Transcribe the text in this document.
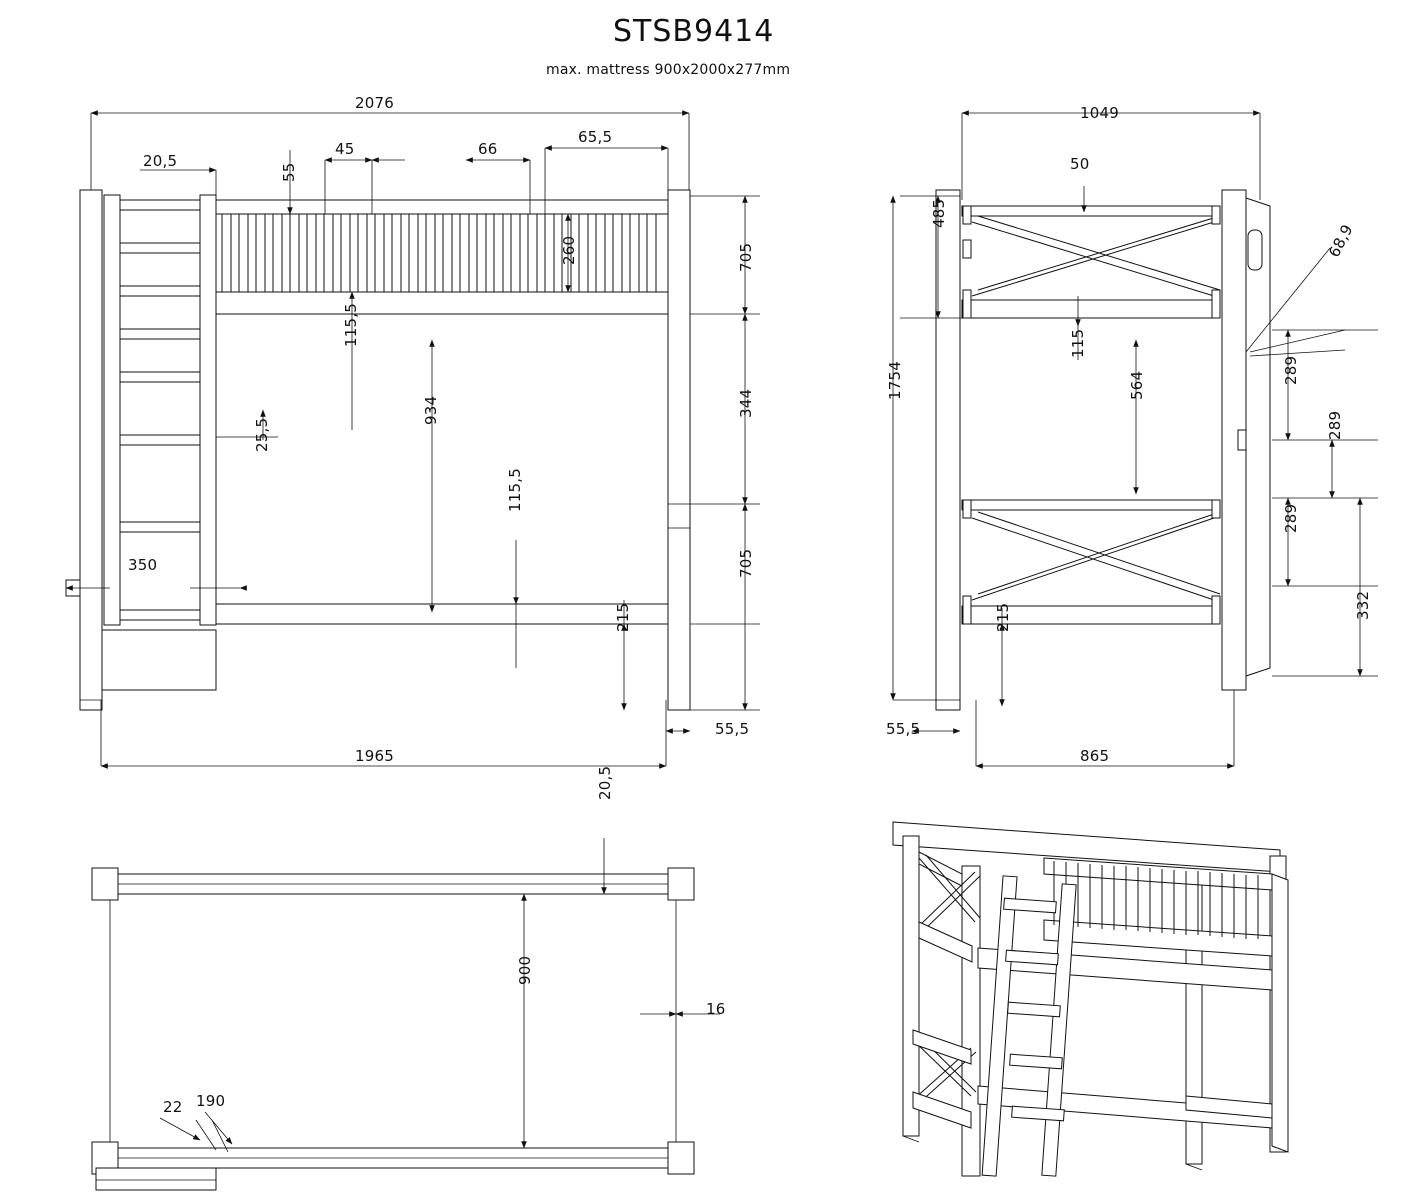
STSB9414
max. mattress 900x2000x277mm
2076
20,5
55
45	66
65,5
260	705
115,5
344
934
25,5
350
115,5
705
215
55,5
1965
1049
50
485
1754
115
564
68,9
289
289
289
332
215
55,5
865
20,5
900
16
22 190
